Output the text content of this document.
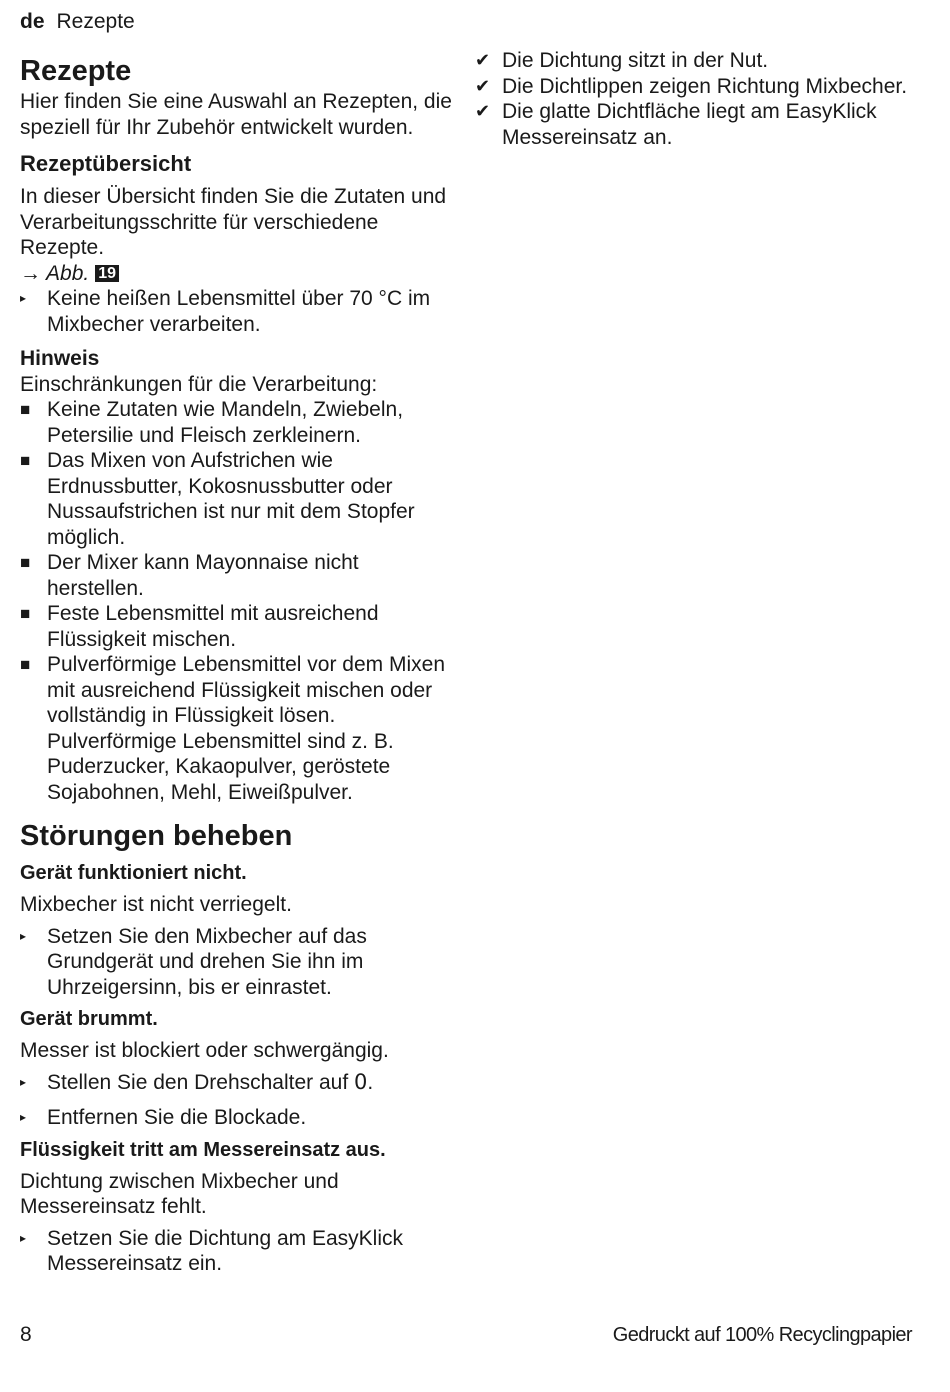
de Rezepte
Rezepte

Hier finden Sie eine Auswahl an Rezepten, die speziell für Ihr Zubehör entwickelt wurden.

Rezeptübersicht

In dieser Übersicht finden Sie die Zutaten und Verarbeitungsschritte für verschiedene Rezepte.

→ Abb. 19

▸ Keine heißen Lebensmittel über 70 °C im Mixbecher verarbeiten.
Hinweis

Einschränkungen für die Verarbeitung:

■ Keine Zutaten wie Mandeln, Zwiebeln, Petersilie und Fleisch zerkleinern.
■ Das Mixen von Aufstrichen wie Erdnussbutter, Kokosnussbutter oder Nussaufstrichen ist nur mit dem Stopfer möglich.
■ Der Mixer kann Mayonnaise nicht herstellen.
■ Feste Lebensmittel mit ausreichend Flüssigkeit mischen.
■ Pulverförmige Lebensmittel vor dem Mixen mit ausreichend Flüssigkeit mischen oder vollständig in Flüssigkeit lösen. Pulverförmige Lebensmittel sind z. B. Puderzucker, Kakaopulver, geröstete Sojabohnen, Mehl, Eiweißpulver.
Störungen beheben
Gerät funktioniert nicht.

Mixbecher ist nicht verriegelt.

▸ Setzen Sie den Mixbecher auf das Grundgerät und drehen Sie ihn im Uhrzeigersinn, bis er einrastet.
Gerät brummt.

Messer ist blockiert oder schwergängig.

▸ Stellen Sie den Drehschalter auf 0.
▸ Entfernen Sie die Blockade.
Flüssigkeit tritt am Messereinsatz aus.

Dichtung zwischen Mixbecher und Messereinsatz fehlt.

▸ Setzen Sie die Dichtung am EasyKlick Messereinsatz ein.
✔ Die Dichtung sitzt in der Nut.
✔ Die Dichtlippen zeigen Richtung Mixbecher.
✔ Die glatte Dichtfläche liegt am EasyKlick Messereinsatz an.
8	Gedruckt auf 100% Recyclingpapier
